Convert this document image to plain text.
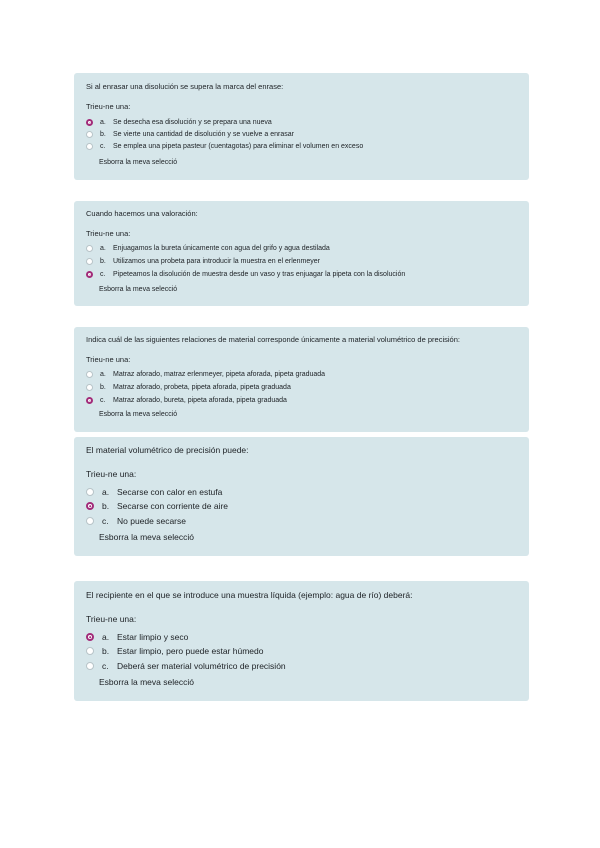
Si al enrasar una disolución se supera la marca del enrase:
Trieu-ne una:
a.	Se desecha esa disolución y se prepara una nueva
b.	Se vierte una cantidad de disolución y se vuelve a enrasar
c.	Se emplea una pipeta pasteur (cuentagotas) para eliminar el volumen en exceso
Esborra la meva selecció
Cuando hacemos una valoración:
Trieu-ne una:
a.	Enjuagamos la bureta únicamente con agua del grifo y agua destilada
b.	Utilizamos una probeta para introducir la muestra en el erlenmeyer
c.	Pipeteamos la disolución de muestra desde un vaso y tras enjuagar la pipeta con la disolución
Esborra la meva selecció
Indica cuál de las siguientes relaciones de material corresponde únicamente a material volumétrico de precisión:
Trieu-ne una:
a.	Matraz aforado, matraz erlenmeyer, pipeta aforada, pipeta graduada
b.	Matraz aforado, probeta, pipeta aforada, pipeta graduada
c.	Matraz aforado, bureta, pipeta aforada, pipeta graduada
Esborra la meva selecció
El material volumétrico de precisión puede:
Trieu-ne una:
a. Secarse con calor en estufa
b. Secarse con corriente de aire
c. No puede secarse
Esborra la meva selecció
El recipiente en el que se introduce una muestra líquida (ejemplo: agua de río) deberá:
Trieu-ne una:
a. Estar limpio y seco
b. Estar limpio, pero puede estar húmedo
c. Deberá ser material volumétrico de precisión
Esborra la meva selecció
